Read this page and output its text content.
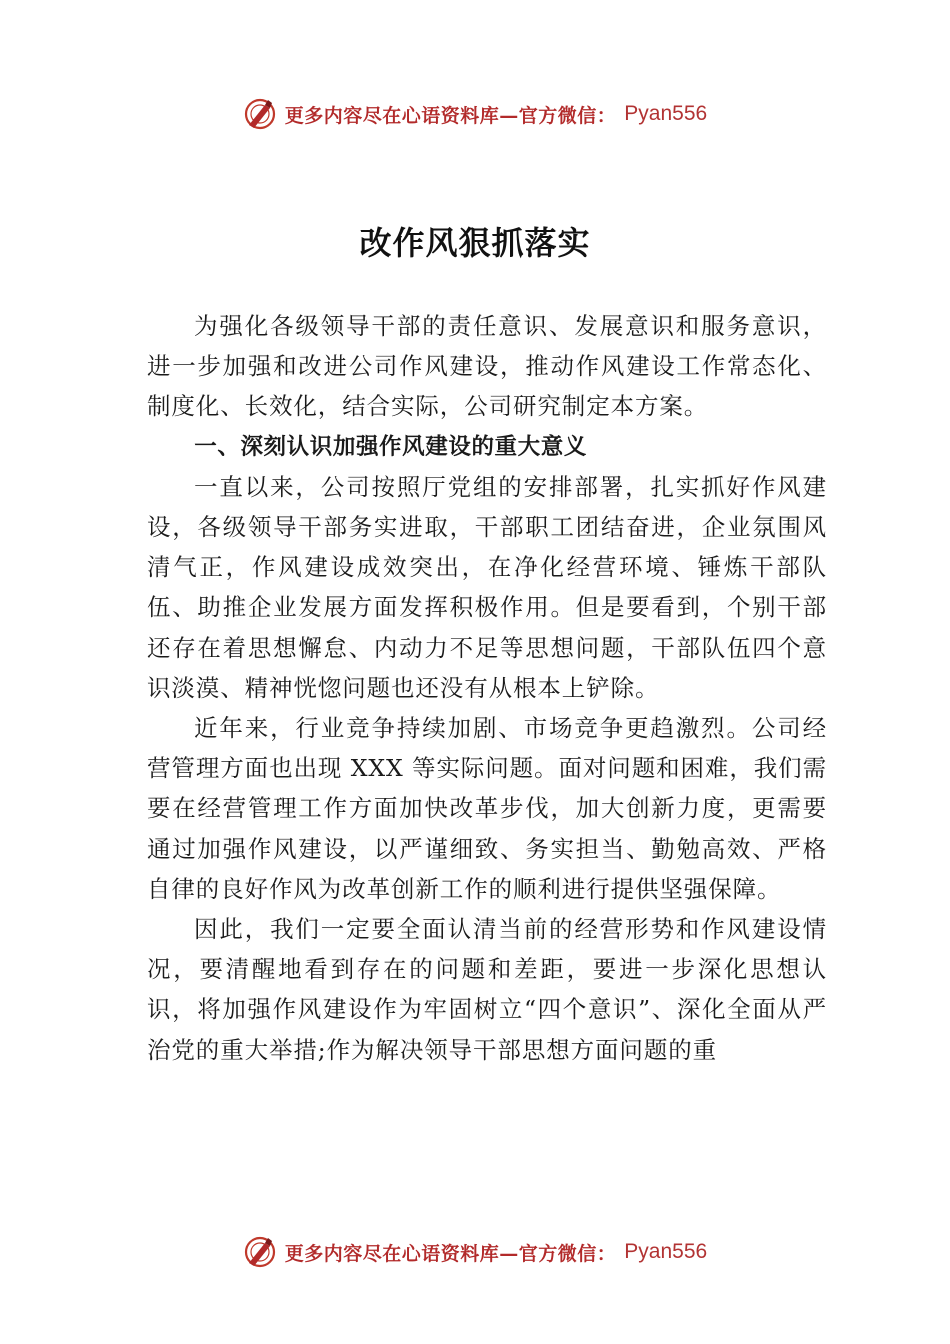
更多内容尽在心语资料库—官方微信： Pyan556
改作风狠抓落实

为强化各级领导干部的责任意识、发展意识和服务意识，进一步加强和改进公司作风建设，推动作风建设工作常态化、制度化、长效化，结合实际，公司研究制定本方案。

一、深刻认识加强作风建设的重大意义

一直以来，公司按照厅党组的安排部署，扎实抓好作风建设，各级领导干部务实进取，干部职工团结奋进，企业氛围风清气正，作风建设成效突出，在净化经营环境、锤炼干部队伍、助推企业发展方面发挥积极作用。但是要看到，个别干部还存在着思想懈怠、内动力不足等思想问题，干部队伍四个意识淡漠、精神恍惚问题也还没有从根本上铲除。

近年来，行业竞争持续加剧、市场竞争更趋激烈。公司经营管理方面也出现 XXX 等实际问题。面对问题和困难，我们需要在经营管理工作方面加快改革步伐，加大创新力度，更需要通过加强作风建设，以严谨细致、务实担当、勤勉高效、严格自律的良好作风为改革创新工作的顺利进行提供坚强保障。

因此，我们一定要全面认清当前的经营形势和作风建设情况，要清醒地看到存在的问题和差距，要进一步深化思想认识，将加强作风建设作为牢固树立“四个意识”、深化全面从严治党的重大举措;作为解决领导干部思想方面问题的重

更多内容尽在心语资料库—官方微信： Pyan556
